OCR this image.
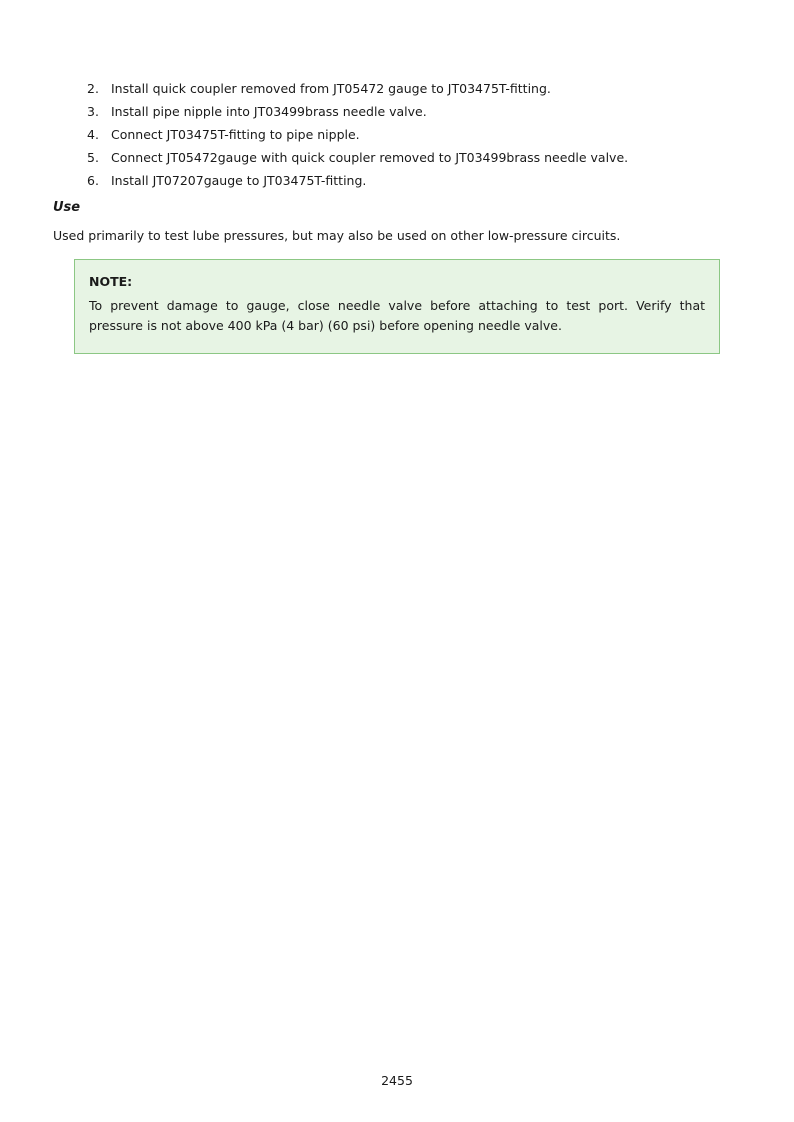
2. Install quick coupler removed from JT05472 gauge to JT03475T-fitting.
3. Install pipe nipple into JT03499brass needle valve.
4. Connect JT03475T-fitting to pipe nipple.
5. Connect JT05472gauge with quick coupler removed to JT03499brass needle valve.
6. Install JT07207gauge to JT03475T-fitting.
Use

Used primarily to test lube pressures, but may also be used on other low-pressure circuits.

NOTE:

To prevent damage to gauge, close needle valve before attaching to test port. Verify that pressure is not above 400 kPa (4 bar) (60 psi) before opening needle valve.

2455
